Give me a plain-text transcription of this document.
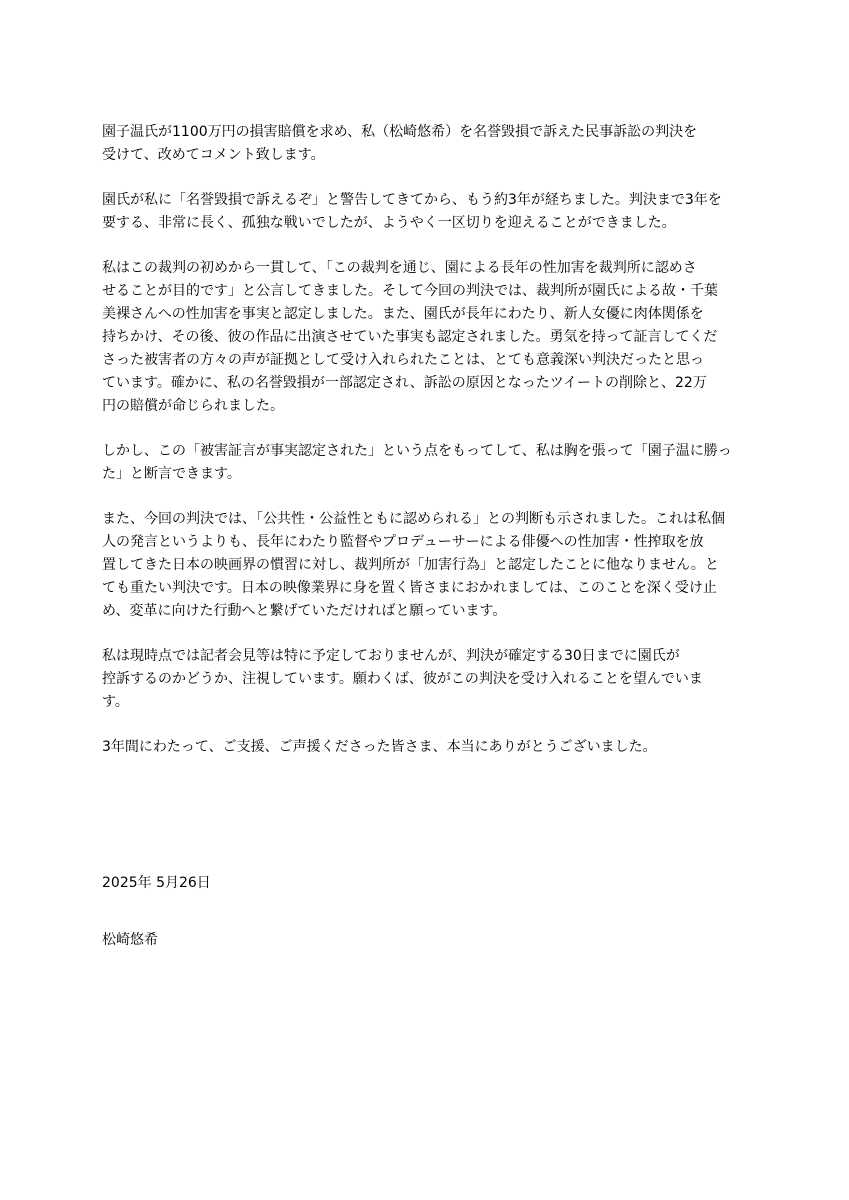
園子温氏が1100万円の損害賠償を求め、私（松崎悠希）を名誉毀損で訴えた民事訴訟の判決を
受けて、改めてコメント致します。

園氏が私に「名誉毀損で訴えるぞ」と警告してきてから、もう約3年が経ちました。判決まで3年を
要する、非常に長く、孤独な戦いでしたが、ようやく一区切りを迎えることができました。

私はこの裁判の初めから一貫して、「この裁判を通じ、園による長年の性加害を裁判所に認めさ
せることが目的です」と公言してきました。そして今回の判決では、裁判所が園氏による故・千葉
美裸さんへの性加害を事実と認定しました。また、園氏が長年にわたり、新人女優に肉体関係を
持ちかけ、その後、彼の作品に出演させていた事実も認定されました。勇気を持って証言してくだ
さった被害者の方々の声が証拠として受け入れられたことは、とても意義深い判決だったと思っ
ています。確かに、私の名誉毀損が一部認定され、訴訟の原因となったツイートの削除と、22万
円の賠償が命じられました。

しかし、この「被害証言が事実認定された」という点をもってして、私は胸を張って「園子温に勝っ
た」と断言できます。

また、今回の判決では、「公共性・公益性ともに認められる」との判断も示されました。これは私個
人の発言というよりも、長年にわたり監督やプロデューサーによる俳優への性加害・性搾取を放
置してきた日本の映画界の慣習に対し、裁判所が「加害行為」と認定したことに他なりません。と
ても重たい判決です。日本の映像業界に身を置く皆さまにおかれましては、このことを深く受け止
め、変革に向けた行動へと繋げていただければと願っています。

私は現時点では記者会見等は特に予定しておりませんが、判決が確定する30日までに園氏が
控訴するのかどうか、注視しています。願わくば、彼がこの判決を受け入れることを望んでいま
す。

3年間にわたって、ご支援、ご声援くださった皆さま、本当にありがとうございました。

2025年 5月26日
松崎悠希
